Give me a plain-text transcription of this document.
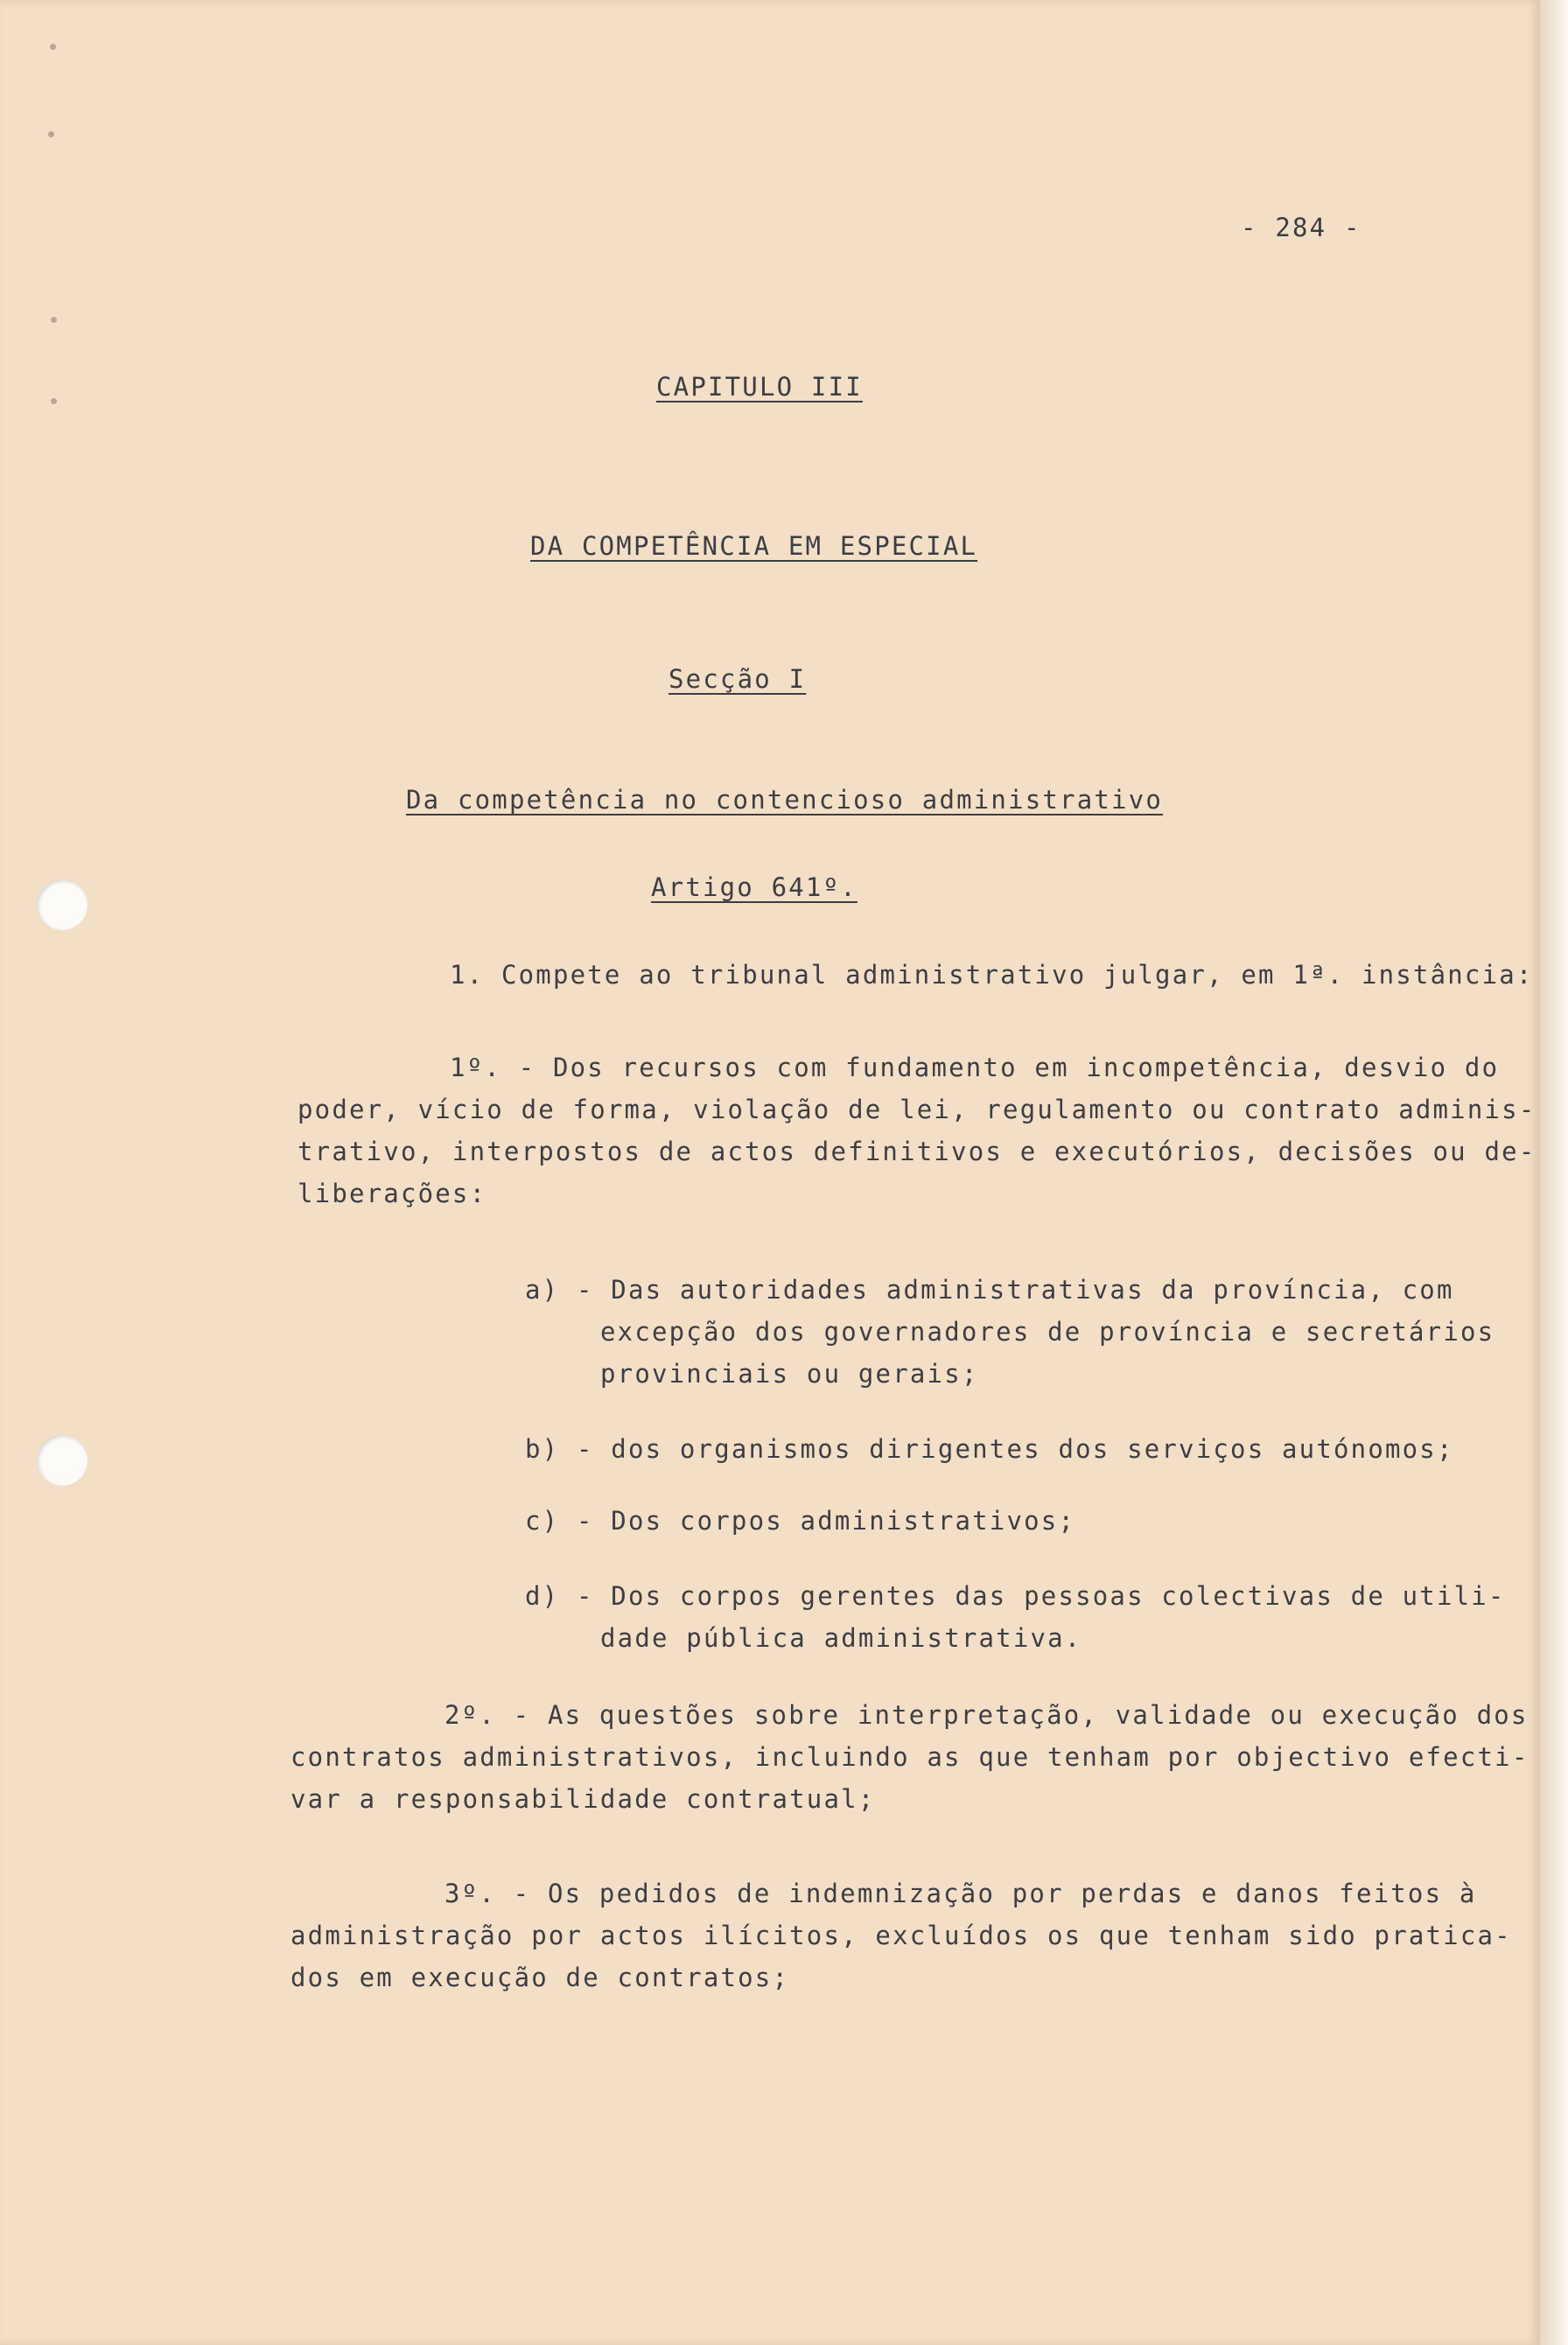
- 284 -
CAPITULO III
DA COMPETÊNCIA EM ESPECIAL
Secção I
Da competência no contencioso administrativo
Artigo 641º.
1. Compete ao tribunal administrativo julgar, em 1ª. instância:
1º. - Dos recursos com fundamento em incompetência, desvio do
poder, vício de forma, violação de lei, regulamento ou contrato adminis-
trativo, interpostos de actos definitivos e executórios, decisões ou de-
liberações:
a) - Das autoridades administrativas da província, com
excepção dos governadores de província e secretários
provinciais ou gerais;
b) - dos organismos dirigentes dos serviços autónomos;
c) - Dos corpos administrativos;
d) - Dos corpos gerentes das pessoas colectivas de utili-
dade pública administrativa.
2º. - As questões sobre interpretação, validade ou execução dos
contratos administrativos, incluindo as que tenham por objectivo efecti-
var a responsabilidade contratual;
3º. - Os pedidos de indemnização por perdas e danos feitos à
administração por actos ilícitos, excluídos os que tenham sido pratica-
dos em execução de contratos;
